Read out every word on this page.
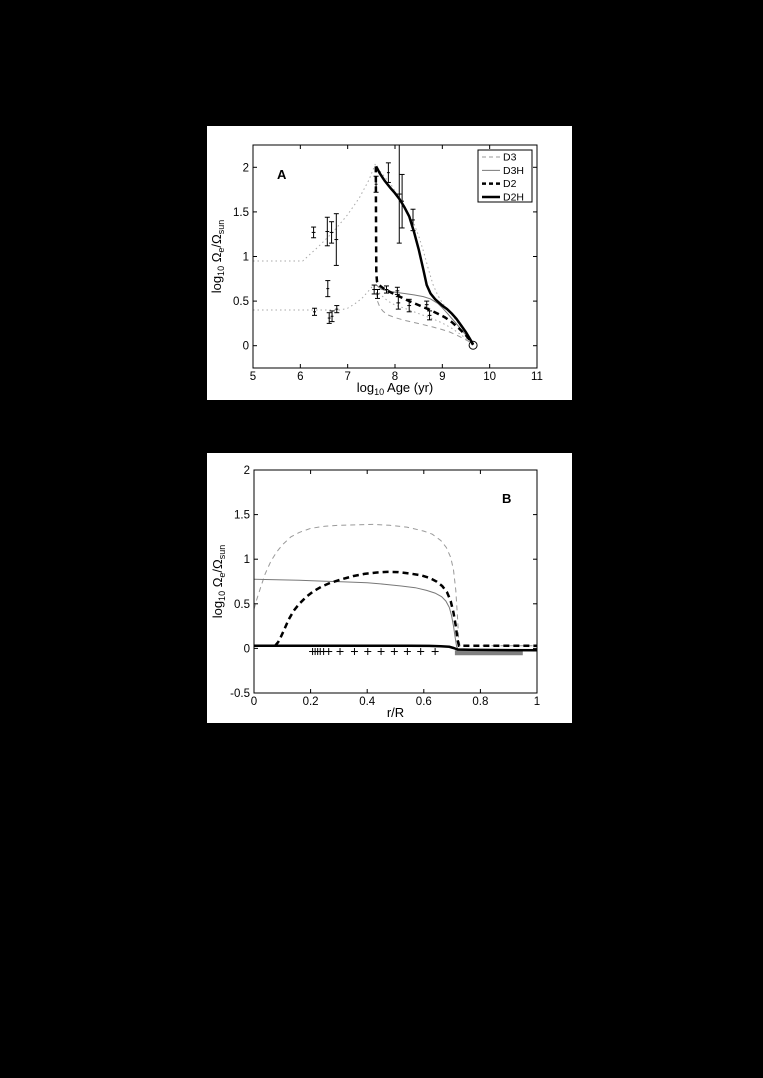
A
5	6	7	8	9	10	11
0
0.5
1
1.5
2
$\log_{10}$ Age (yr)
$\log_{10} \Omega_e/\Omega_{sun}$
D3
D3H
D2
D2H
B
0	0.2	0.4	0.6	0.8	1
-0.5
0
0.5
1
1.5
2
r/R
$\log_{10} \Omega_e/\Omega_{sun}$
